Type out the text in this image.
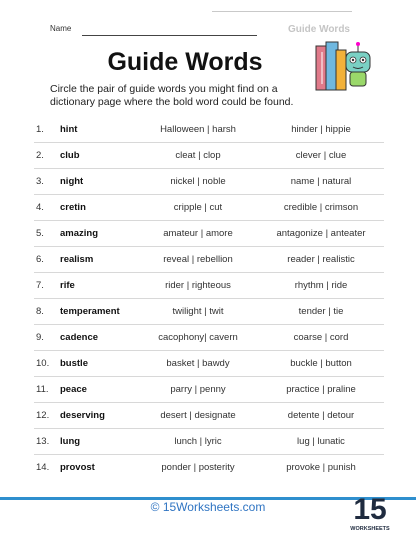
Name	Guide Words
Guide Words
Circle the pair of guide words you might find on a dictionary page where the bold word could be found.
1. hint	Halloween | harsh	hinder | hippie
2. club	cleat | clop	clever | clue
3. night	nickel | noble	name | natural
4. cretin	cripple | cut	credible | crimson
5. amazing	amateur | amore	antagonize | anteater
6. realism	reveal | rebellion	reader | realistic
7. rife	rider | righteous	rhythm | ride
8. temperament	twilight | twit	tender | tie
9. cadence	cacophony| cavern	coarse | cord
10. bustle	basket | bawdy	buckle | button
11. peace	parry | penny	practice | praline
12. deserving	desert | designate	detente | detour
13. lung	lunch | lyric	lug | lunatic
14. provost	ponder | posterity	provoke | punish
© 15Worksheets.com	15
WORKSHEETS
